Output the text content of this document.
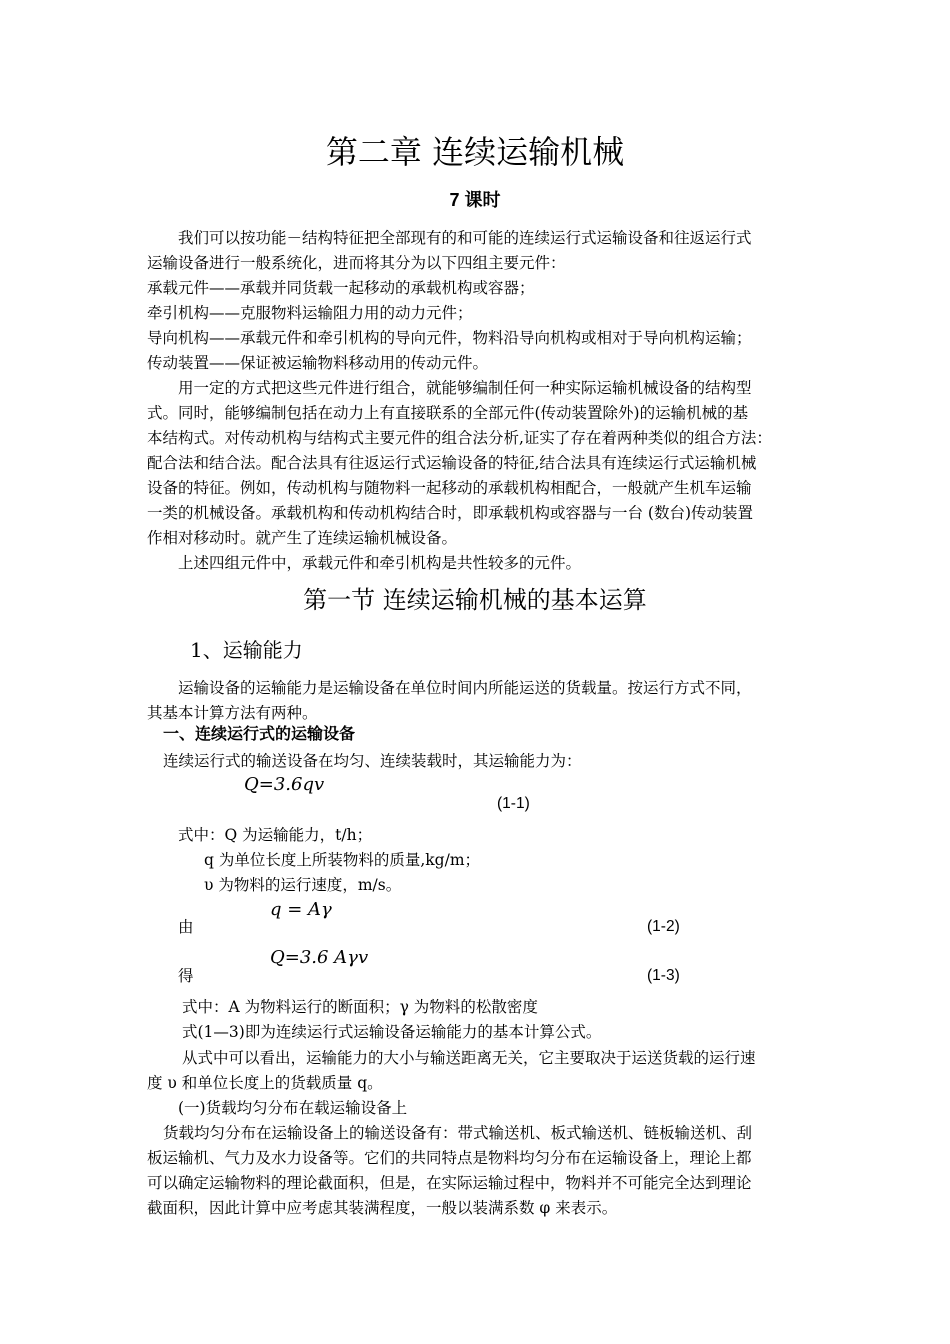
第二章 连续运输机械
7 课时
我们可以按功能－结构特征把全部现有的和可能的连续运行式运输设备和往返运行式
运输设备进行一般系统化，进而将其分为以下四组主要元件：
承载元件——承载并同货载一起移动的承载机构或容器；
牵引机构——克服物料运输阻力用的动力元件；
导向机构——承载元件和牵引机构的导向元件，物料沿导向机构或相对于导向机构运输；
传动装置——保证被运输物料移动用的传动元件。
用一定的方式把这些元件进行组合，就能够编制任何一种实际运输机械设备的结构型
式。同时，能够编制包括在动力上有直接联系的全部元件(传动装置除外)的运输机械的基
本结构式。对传动机构与结构式主要元件的组合法分析,证实了存在着两种类似的组合方法：
配合法和结合法。配合法具有往返运行式运输设备的特征,结合法具有连续运行式运输机械
设备的特征。例如，传动机构与随物料一起移动的承载机构相配合，一般就产生机车运输
一类的机械设备。承载机构和传动机构结合时，即承载机构或容器与一台 (数台)传动装置
作相对移动时。就产生了连续运输机械设备。
上述四组元件中，承载元件和牵引机构是共性较多的元件。
第一节 连续运输机械的基本运算
1、运输能力
运输设备的运输能力是运输设备在单位时间内所能运送的货载量。按运行方式不同，
其基本计算方法有两种。
一、连续运行式的运输设备
连续运行式的输送设备在均匀、连续装载时，其运输能力为：
Q=3.6qv
(1-1)
式中：Q 为运输能力，t/h；
q 为单位长度上所装物料的质量,kg/m；
υ 为物料的运行速度，m/s。
由
q = Aγ
(1-2)
得
Q=3.6 Aγv
(1-3)
式中：A 为物料运行的断面积；γ 为物料的松散密度
式(1—3)即为连续运行式运输设备运输能力的基本计算公式。
从式中可以看出，运输能力的大小与输送距离无关，它主要取决于运送货载的运行速
度 υ 和单位长度上的货载质量 q。
(一)货载均匀分布在载运输设备上
货载均匀分布在运输设备上的输送设备有：带式输送机、板式输送机、链板输送机、刮
板运输机、气力及水力设备等。它们的共同特点是物料均匀分布在运输设备上，理论上都
可以确定运输物料的理论截面积，但是，在实际运输过程中，物料并不可能完全达到理论
截面积，因此计算中应考虑其装满程度，一般以装满系数 φ 来表示。
